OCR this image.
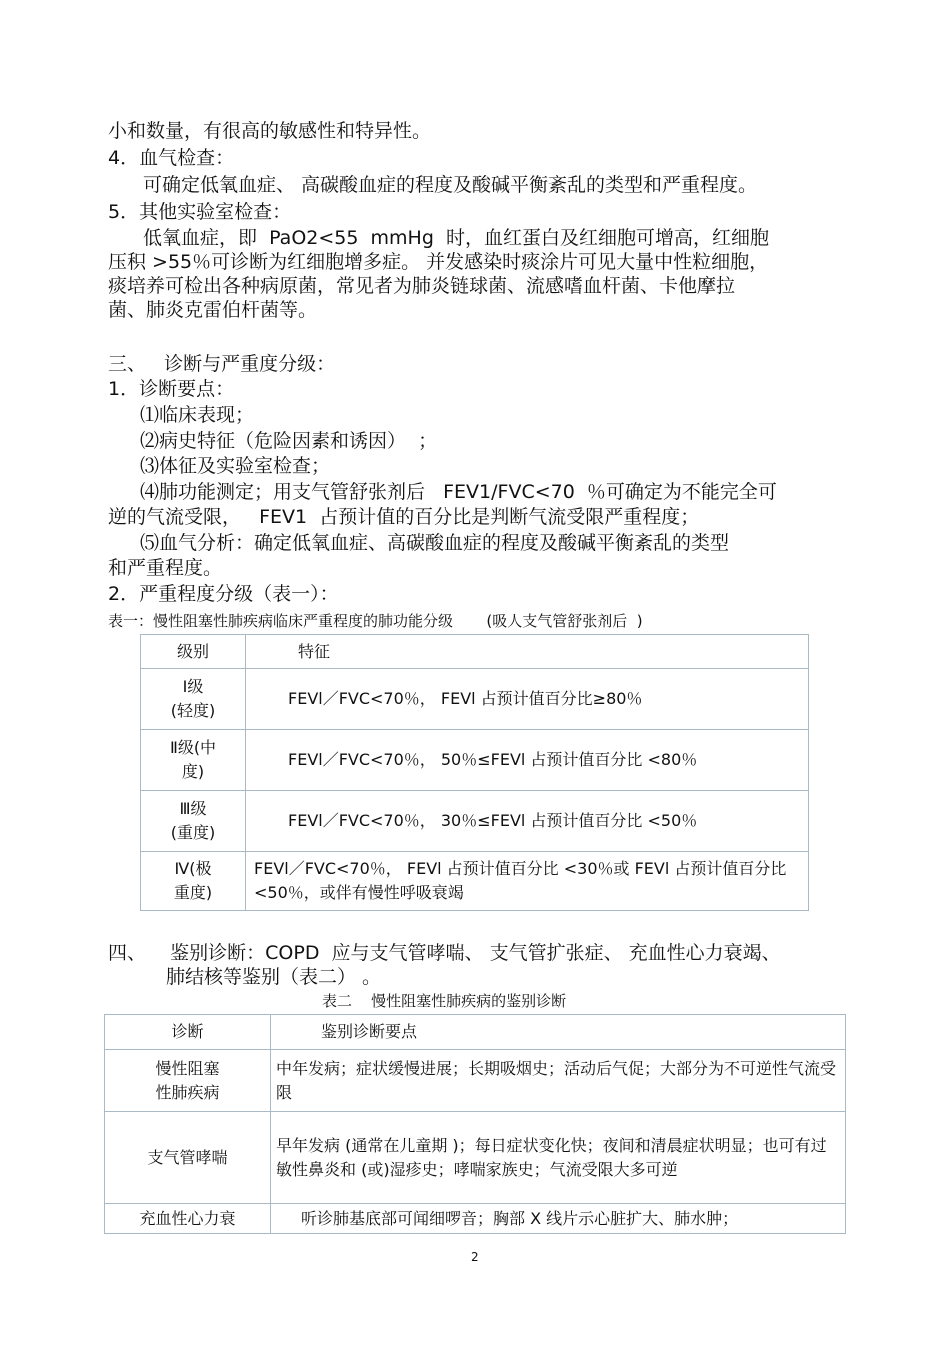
小和数量，有很高的敏感性和特异性。
4．血气检查：
可确定低氧血症、 高碳酸血症的程度及酸碱平衡紊乱的类型和严重程度。
5．其他实验室检查：
低氧血症，即  PaO2<55  mmHg  时，血红蛋白及红细胞可增高，红细胞
压积 >55％可诊断为红细胞增多症。 并发感染时痰涂片可见大量中性粒细胞，
痰培养可检出各种病原菌，常见者为肺炎链球菌、流感嗜血杆菌、卡他摩拉
菌、肺炎克雷伯杆菌等。
三、   诊断与严重度分级：
1．诊断要点：
⑴临床表现；
⑵病史特征（危险因素和诱因）  ；
⑶体征及实验室检查；
⑷肺功能测定；用支气管舒张剂后   FEV1/FVC<70  ％可确定为不能完全可
逆的气流受限，   FEV1  占预计值的百分比是判断气流受限严重程度；
⑸血气分析：确定低氧血症、高碳酸血症的程度及酸碱平衡紊乱的类型
和严重程度。
2．严重程度分级（表一）：
表一：慢性阻塞性肺疾病临床严重程度的肺功能分级       (吸人支气管舒张剂后  )
级别	特征
Ⅰ级
(轻度)	FEVl／FVC<70％， FEVl 占预计值百分比≥80％
Ⅱ级(中
度)	FEVl／FVC<70％， 50％≤FEVl 占预计值百分比 <80％
Ⅲ级
(重度)	FEVl／FVC<70％， 30％≤FEVl 占预计值百分比 <50％
Ⅳ(极
重度)	FEVl／FVC<70％， FEVl 占预计值百分比 <30％或 FEVl 占预计值百分比 <50％，或伴有慢性呼吸衰竭
四、    鉴别诊断：COPD  应与支气管哮喘、 支气管扩张症、 充血性心力衰竭、
肺结核等鉴别（表二） 。
表二    慢性阻塞性肺疾病的鉴别诊断
诊断	鉴别诊断要点
慢性阻塞
性肺疾病	中年发病；症状缓慢进展；长期吸烟史；活动后气促；大部分为不可逆性气流受限
支气管哮喘	早年发病 (通常在儿童期 )；每日症状变化快；夜间和清晨症状明显；也可有过敏性鼻炎和 (或)湿疹史；哮喘家族史；气流受限大多可逆
充血性心力衰	听诊肺基底部可闻细啰音；胸部 X 线片示心脏扩大、肺水肿；
2
